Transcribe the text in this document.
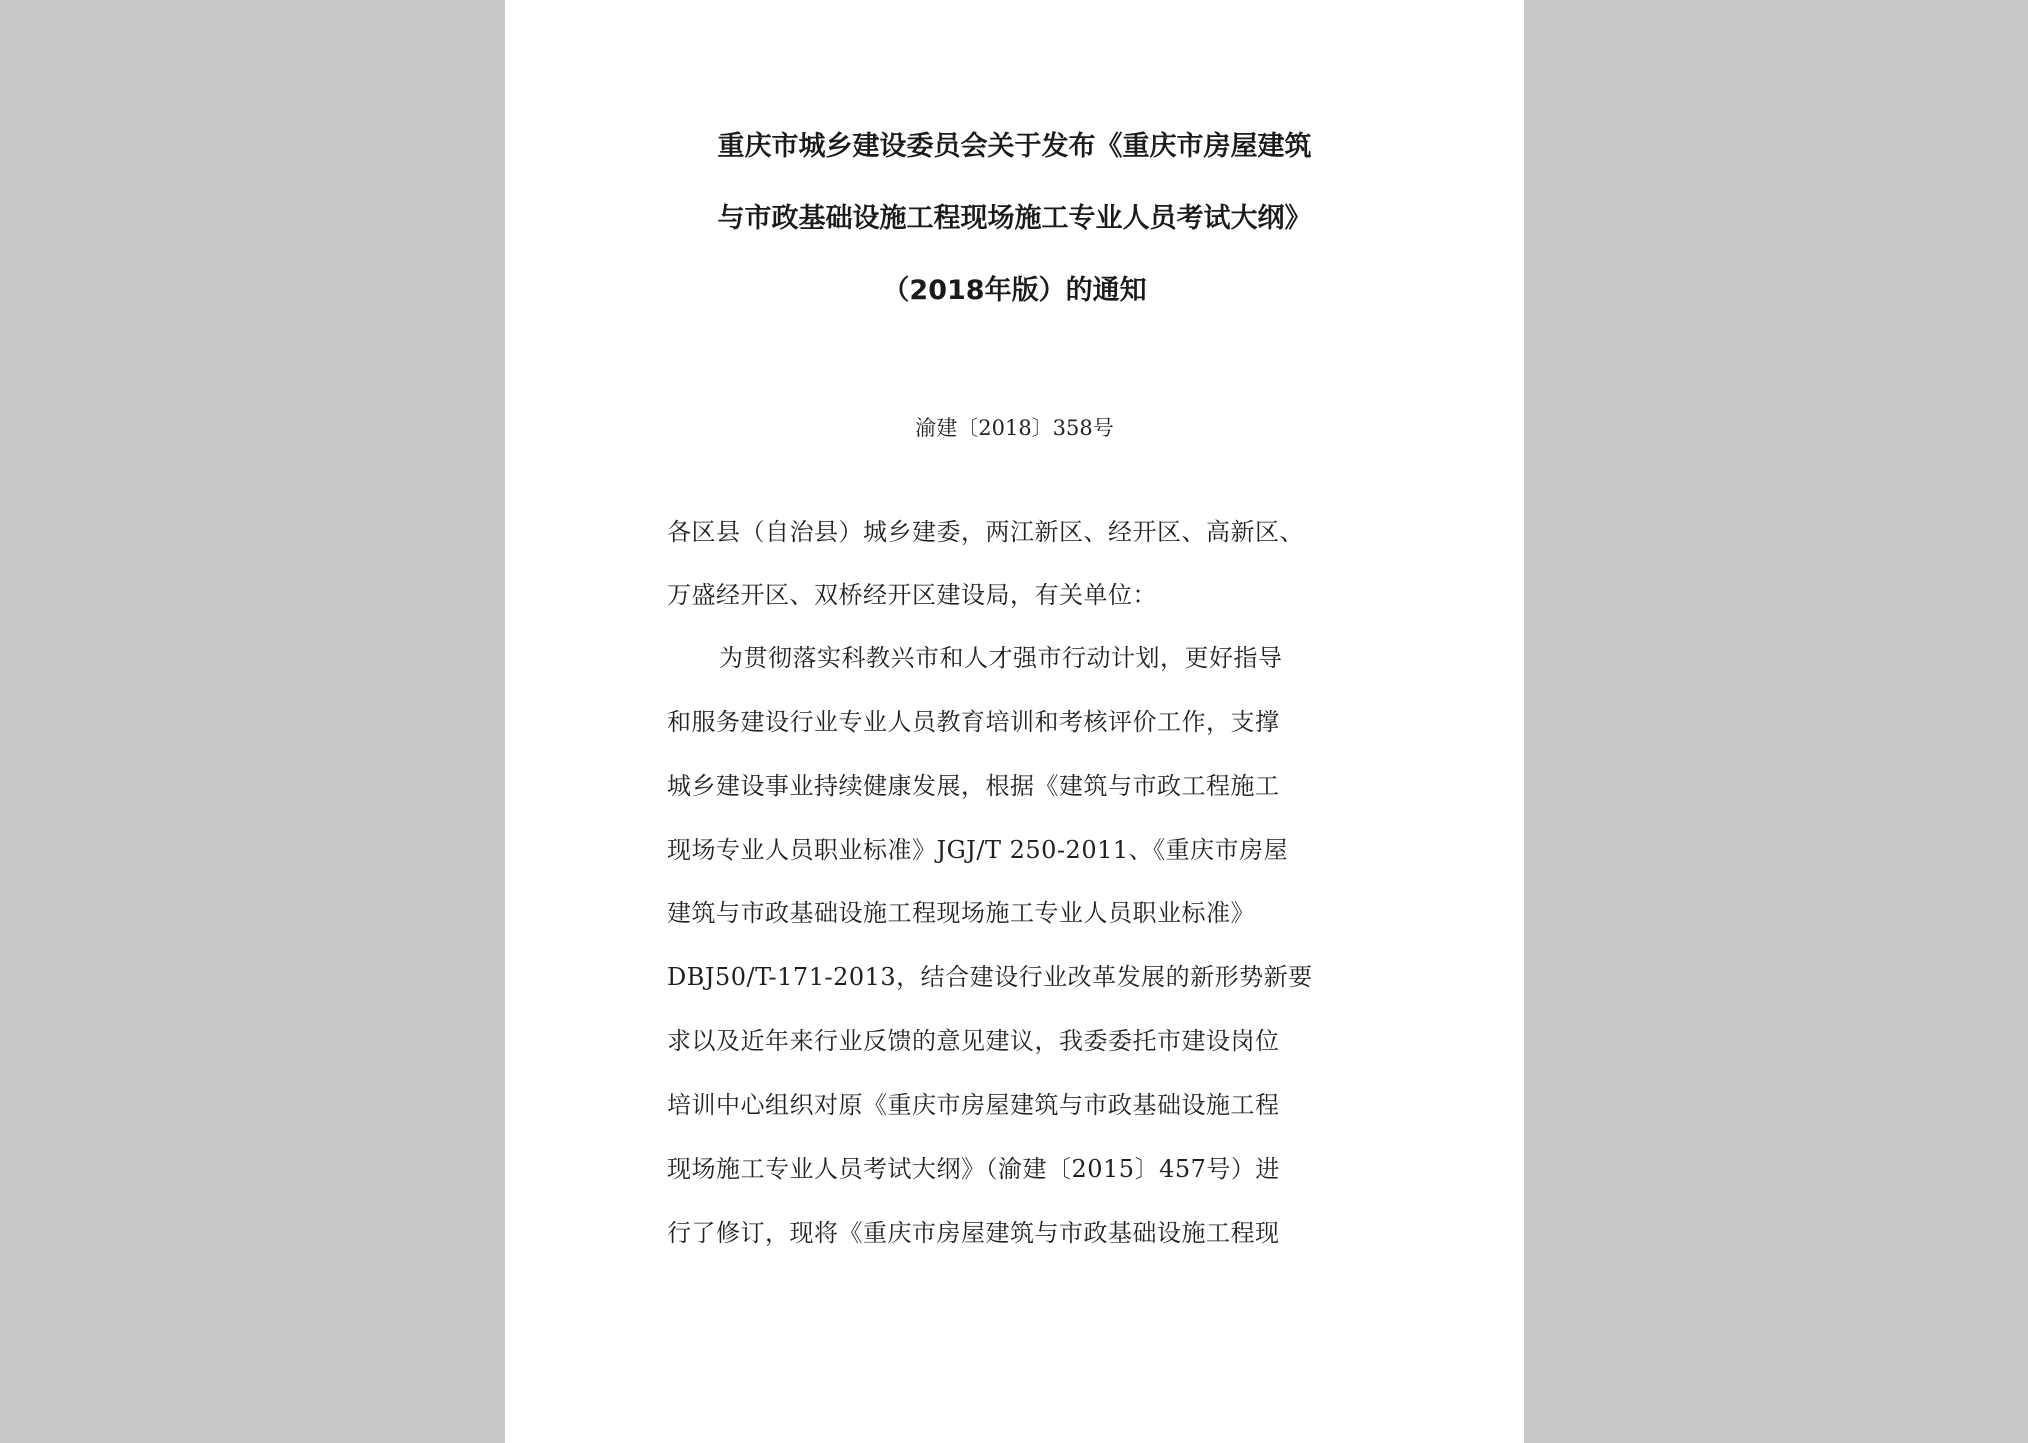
重庆市城乡建设委员会关于发布《重庆市房屋建筑
与市政基础设施工程现场施工专业人员考试大纲》
（2018年版）的通知
渝建〔2018〕358号
各区县（自治县）城乡建委，两江新区、经开区、高新区、
万盛经开区、双桥经开区建设局，有关单位：
为贯彻落实科教兴市和人才强市行动计划，更好指导
和服务建设行业专业人员教育培训和考核评价工作，支撑
城乡建设事业持续健康发展，根据《建筑与市政工程施工
现场专业人员职业标准》JGJ/T 250-2011、《重庆市房屋
建筑与市政基础设施工程现场施工专业人员职业标准》
DBJ50/T-171-2013，结合建设行业改革发展的新形势新要
求以及近年来行业反馈的意见建议，我委委托市建设岗位
培训中心组织对原《重庆市房屋建筑与市政基础设施工程
现场施工专业人员考试大纲》（渝建〔2015〕457号）进
行了修订，现将《重庆市房屋建筑与市政基础设施工程现
